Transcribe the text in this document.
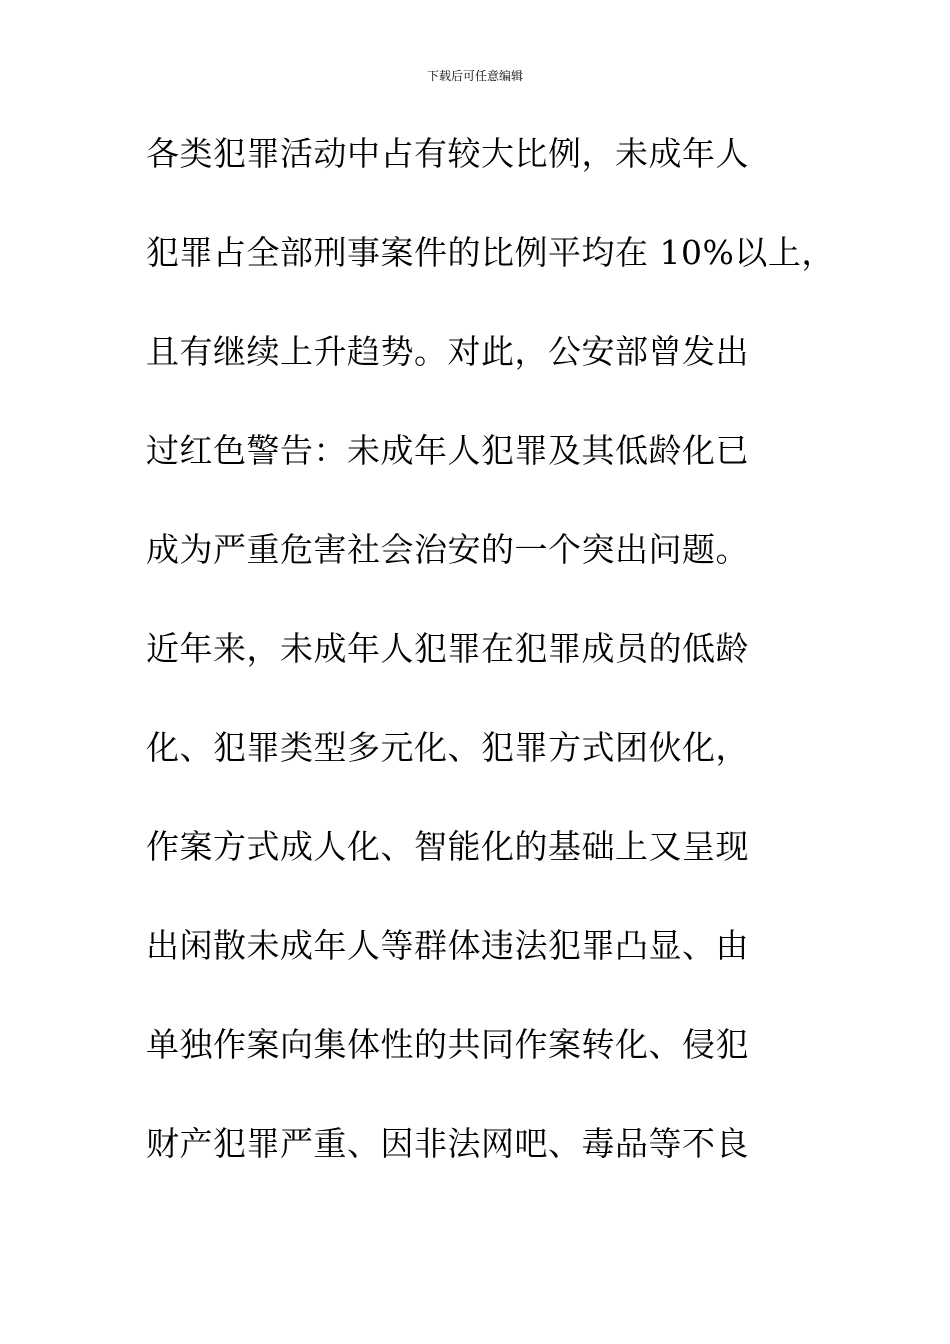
下载后可任意编辑
各类犯罪活动中占有较大比例，未成年人
犯罪占全部刑事案件的比例平均在 10%以上，
且有继续上升趋势。对此，公安部曾发出
过红色警告：未成年人犯罪及其低龄化已
成为严重危害社会治安的一个突出问题。
近年来，未成年人犯罪在犯罪成员的低龄
化、犯罪类型多元化、犯罪方式团伙化，
作案方式成人化、智能化的基础上又呈现
出闲散未成年人等群体违法犯罪凸显、由
单独作案向集体性的共同作案转化、侵犯
财产犯罪严重、因非法网吧、毒品等不良
